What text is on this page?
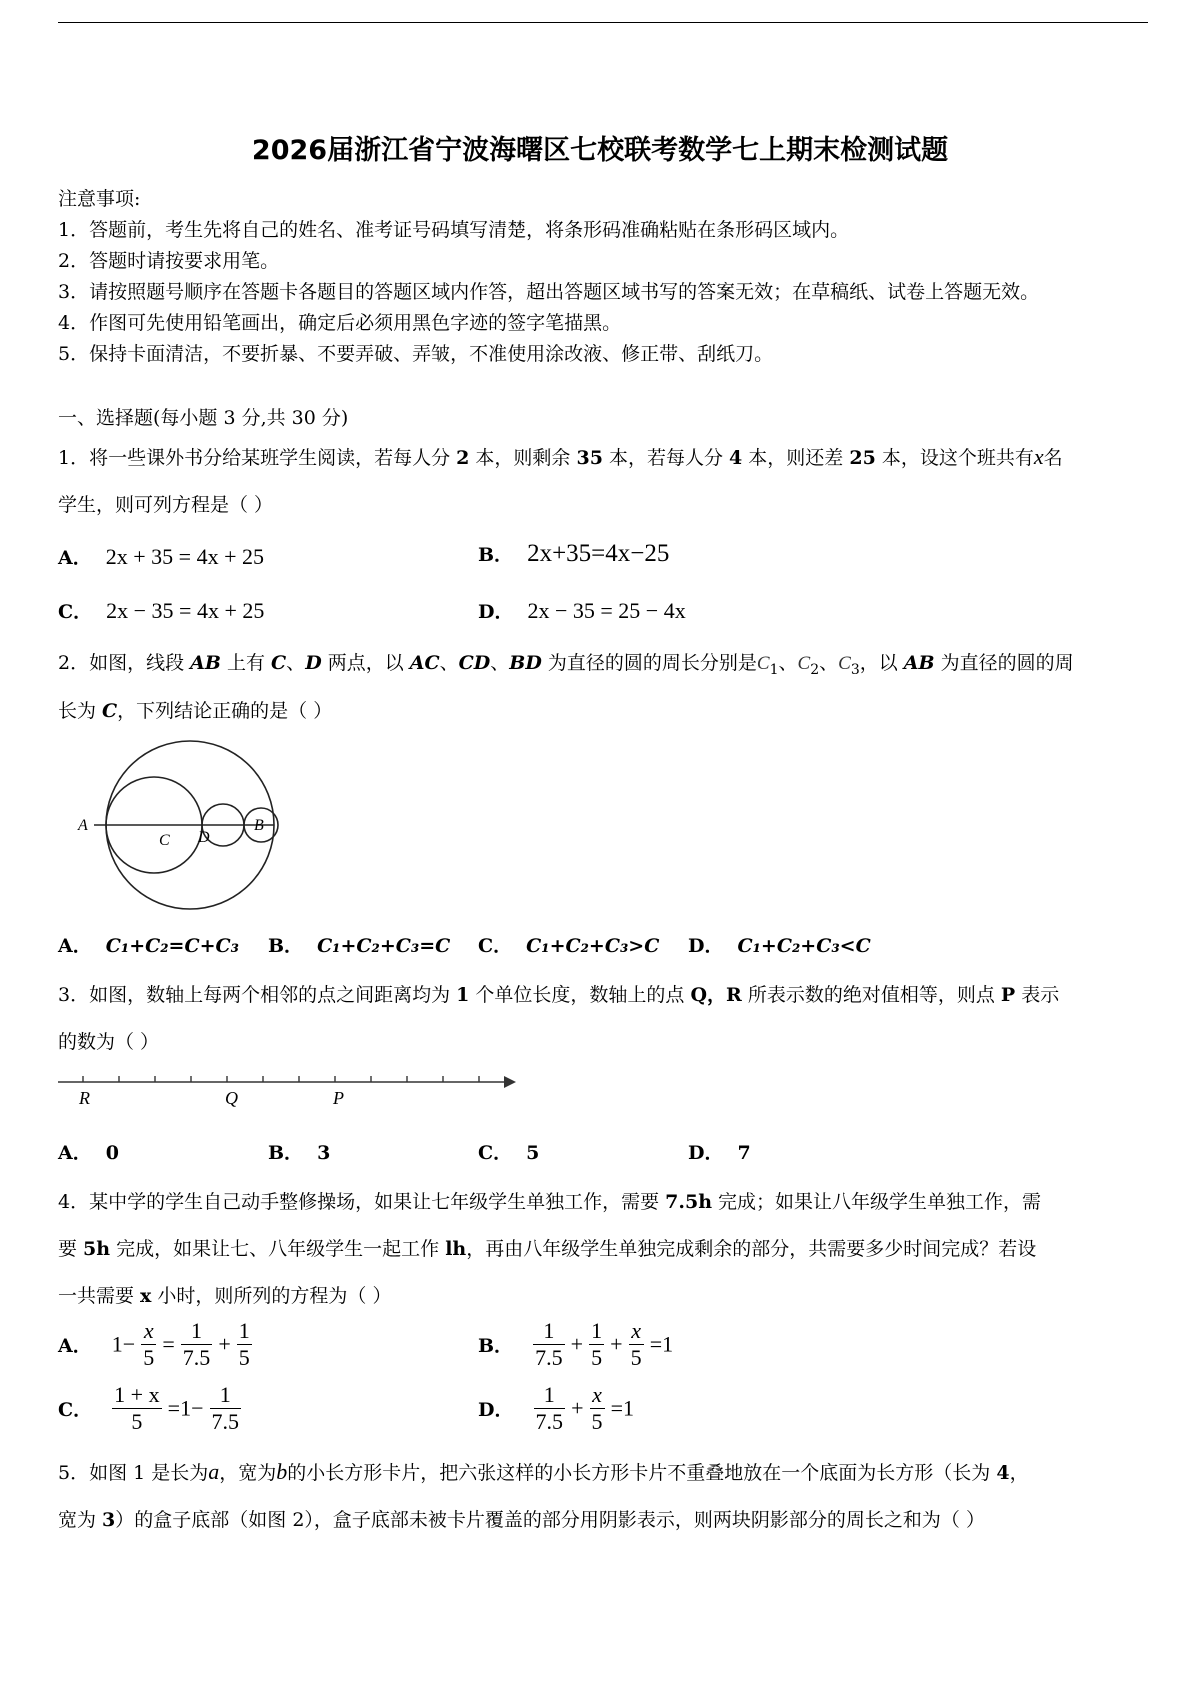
2026届浙江省宁波海曙区七校联考数学七上期末检测试题
注意事项:
1．答题前，考生先将自己的姓名、准考证号码填写清楚，将条形码准确粘贴在条形码区域内。
2．答题时请按要求用笔。
3．请按照题号顺序在答题卡各题目的答题区域内作答，超出答题区域书写的答案无效；在草稿纸、试卷上答题无效。
4．作图可先使用铅笔画出，确定后必须用黑色字迹的签字笔描黑。
5．保持卡面清洁，不要折暴、不要弄破、弄皱，不准使用涂改液、修正带、刮纸刀。
一、选择题(每小题 3 分,共 30 分)
1．将一些课外书分给某班学生阅读，若每人分 2 本，则剩余 35 本，若每人分 4 本，则还差 25 本，设这个班共有x名
学生，则可列方程是（ ）
A． 2x + 35 = 4x + 25	B． 2x+35=4x−25
C． 2x − 35 = 4x + 25	D． 2x − 35 = 25 − 4x
2．如图，线段 AB 上有 C、D 两点，以 AC、CD、BD 为直径的圆的周长分别是$C_1$、$C_2$、$C_3$，以 AB 为直径的圆的周
长为 C，下列结论正确的是（ ）
A
C D
B
A． C₁+C₂=C+C₃ B． C₁+C₂+C₃=C C． C₁+C₂+C₃>C D． C₁+C₂+C₃<C
3．如图，数轴上每两个相邻的点之间距离均为 1 个单位长度，数轴上的点 Q，R 所表示数的绝对值相等，则点 P 表示
的数为（ ）
R	Q	P
A． 0	B． 3	C． 5	D． 7
4．某中学的学生自己动手整修操场，如果让七年级学生单独工作，需要 7.5h 完成；如果让八年级学生单独工作，需
要 5h 完成，如果让七、八年级学生一起工作 lh，再由八年级学生单独完成剩余的部分，共需要多少时间完成？若设
一共需要 x 小时，则所列的方程为（ ）
A． $1- \frac{x}{5} = \frac{1}{7.5} + \frac{1}{5}$	B． $\frac{1}{7.5} + \frac{1}{5} + \frac{x}{5} =1$
C． $\frac{1 + x}{5} =1- \frac{1}{7.5}$	D． $\frac{1}{7.5} + \frac{x}{5} =1$
5．如图 1 是长为a，宽为b的小长方形卡片，把六张这样的小长方形卡片不重叠地放在一个底面为长方形（长为 4，
宽为 3）的盒子底部（如图 2），盒子底部未被卡片覆盖的部分用阴影表示，则两块阴影部分的周长之和为（ ）
